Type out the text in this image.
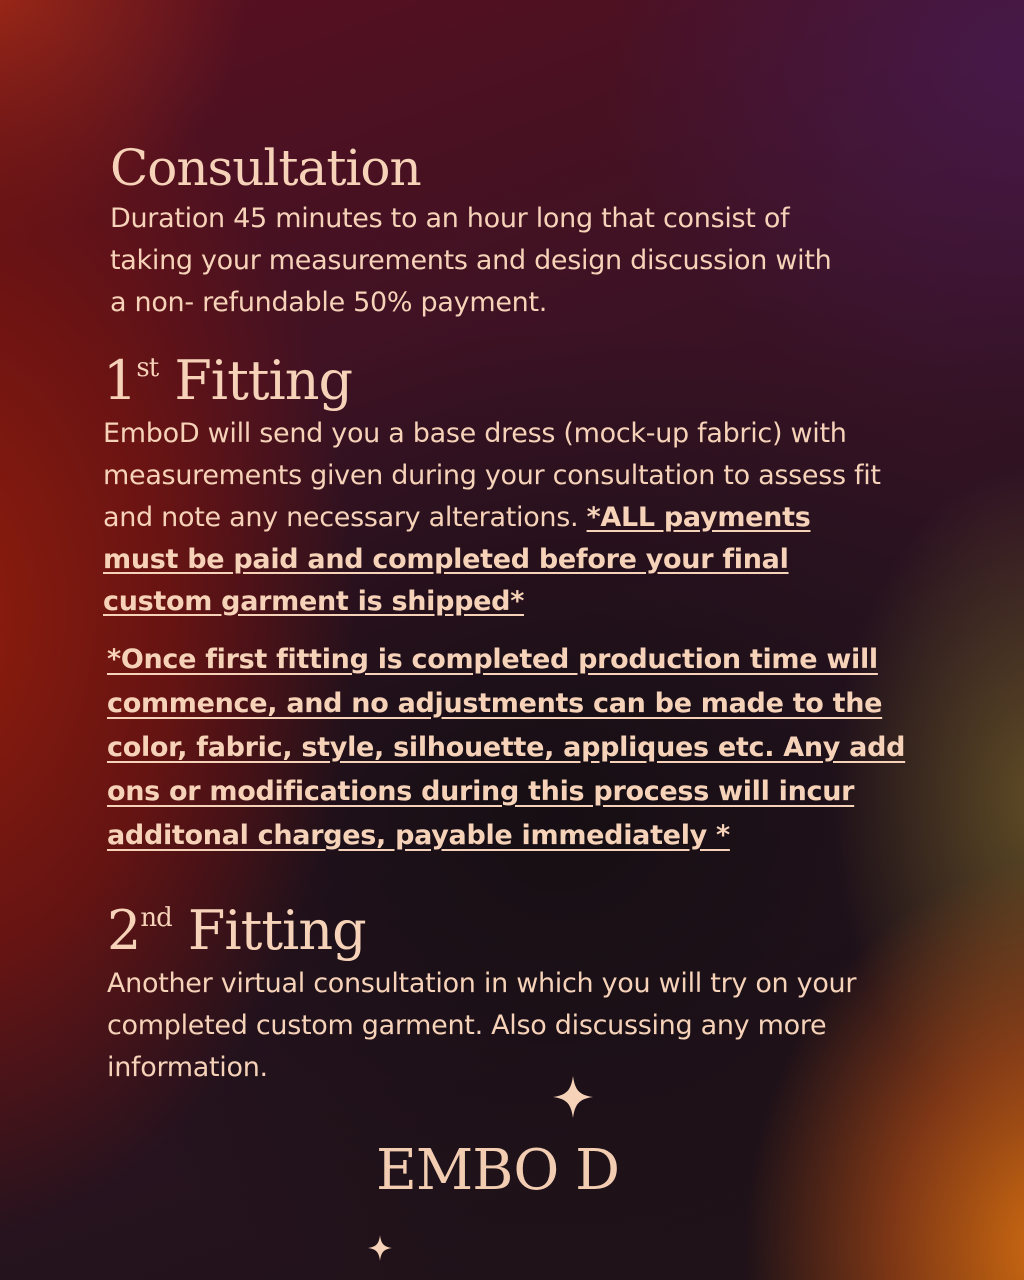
Consultation

Duration 45 minutes to an hour long that consist of taking your measurements and design discussion with a non- refundable 50% payment.

1st Fitting

EmboD will send you a base dress (mock-up fabric) with measurements given during your consultation to assess fit and note any necessary alterations. *ALL payments must be paid and completed before your final custom garment is shipped*

*Once first fitting is completed production time will commence, and no adjustments can be made to the color, fabric, style, silhouette, appliques etc. Any add ons or modifications during this process will incur additonal charges, payable immediately *

2nd Fitting

Another virtual consultation in which you will try on your completed custom garment. Also discussing any more information.

EMBO D
